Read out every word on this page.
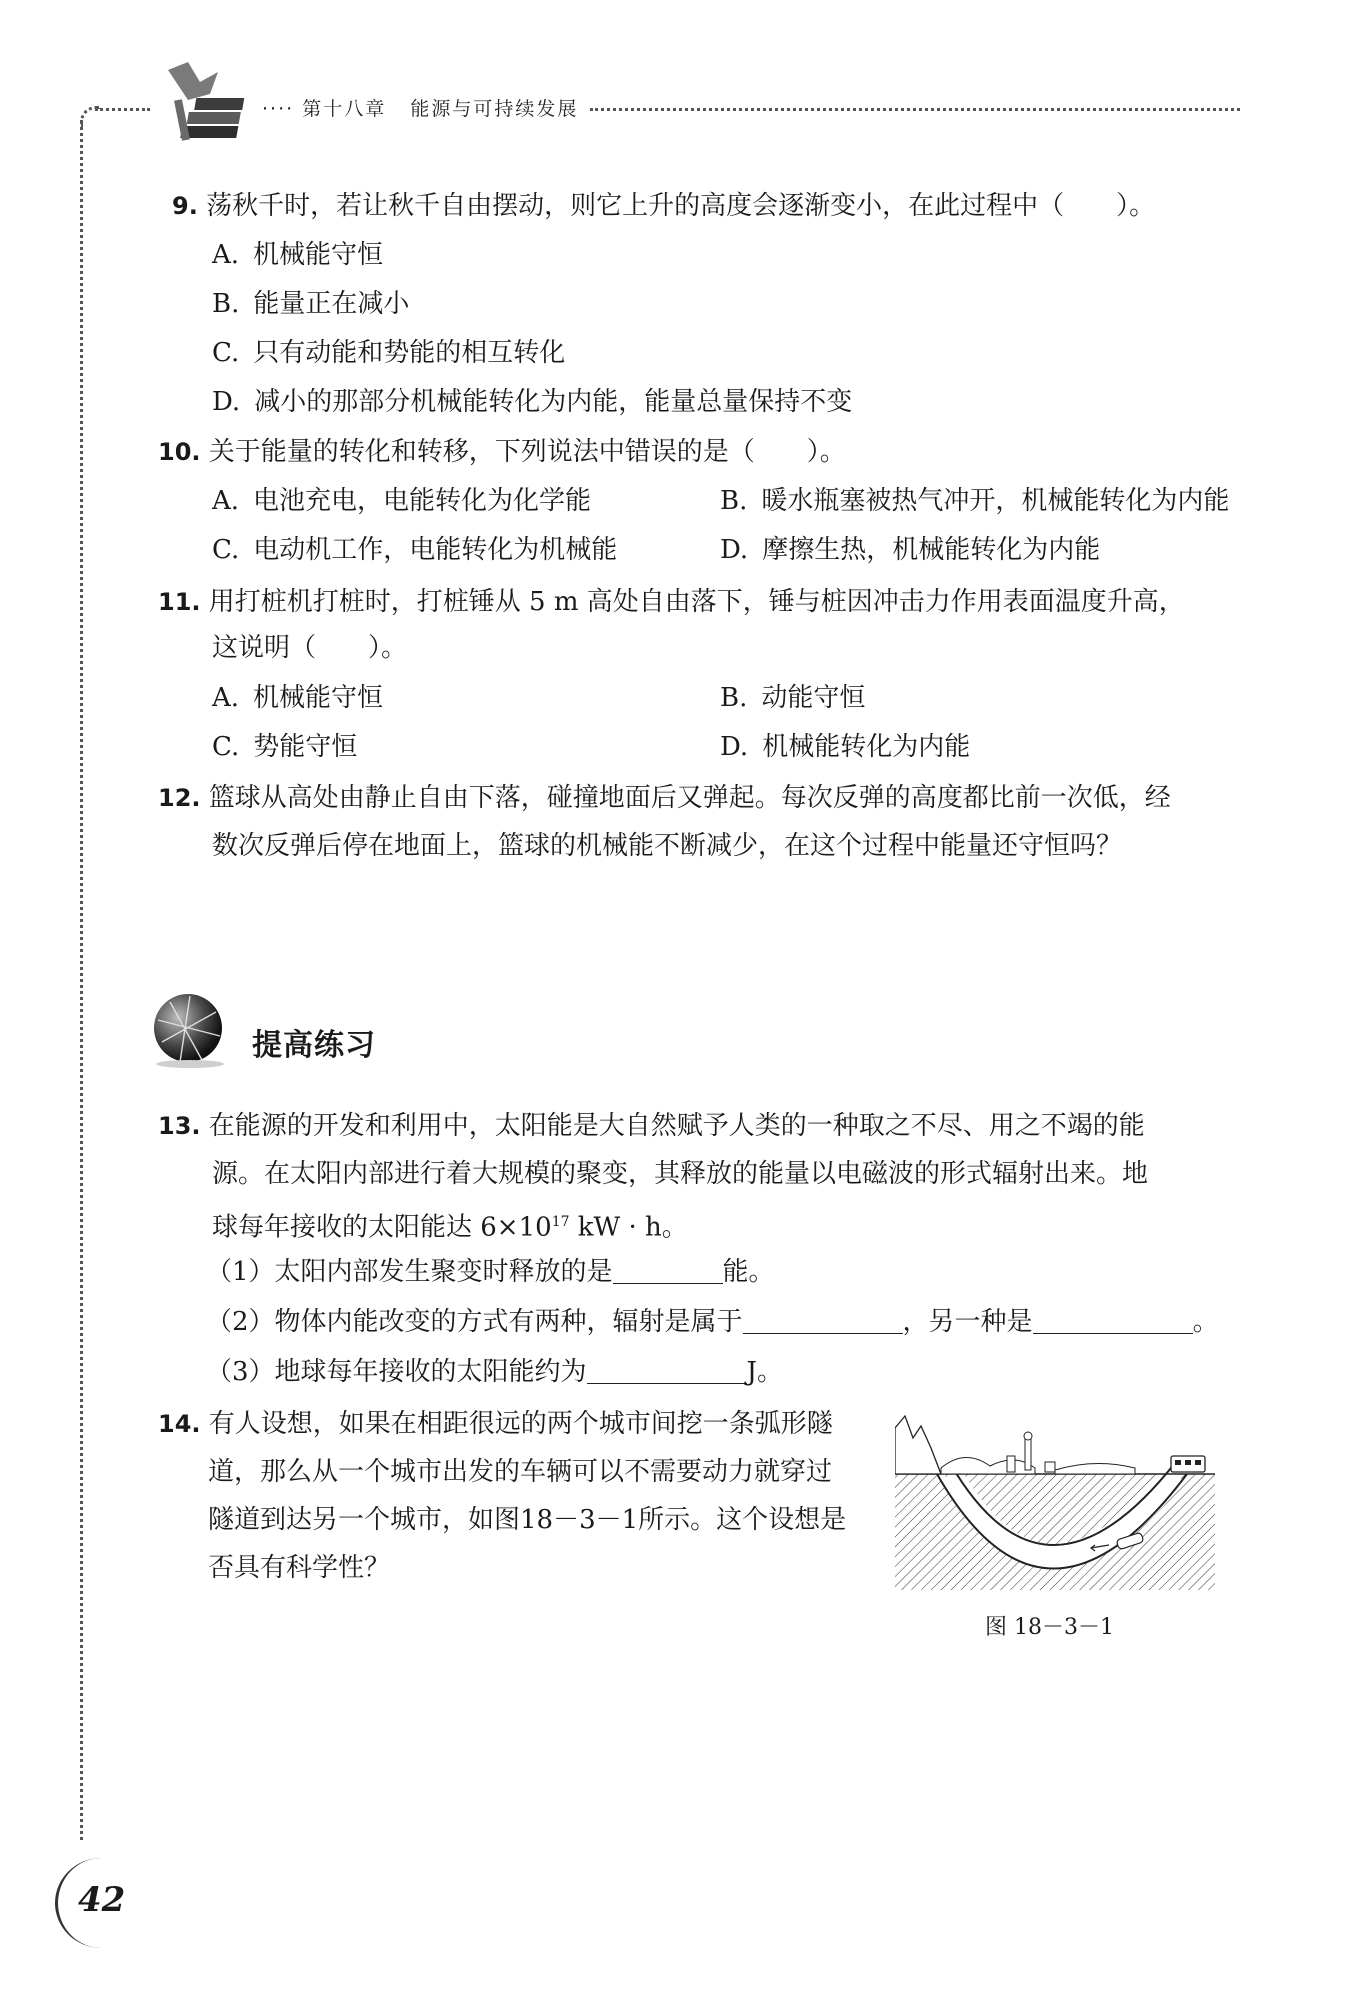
···· 第十八章 能源与可持续发展
9. 荡秋千时，若让秋千自由摆动，则它上升的高度会逐渐变小，在此过程中（　　）。
A. 机械能守恒
B. 能量正在减小
C. 只有动能和势能的相互转化
D. 减小的那部分机械能转化为内能，能量总量保持不变
10. 关于能量的转化和转移，下列说法中错误的是（　　）。
A. 电池充电，电能转化为化学能	B. 暖水瓶塞被热气冲开，机械能转化为内能
C. 电动机工作，电能转化为机械能	D. 摩擦生热，机械能转化为内能
11. 用打桩机打桩时，打桩锤从 5 m 高处自由落下，锤与桩因冲击力作用表面温度升高，
这说明（　　）。
A. 机械能守恒	B. 动能守恒
C. 势能守恒	D. 机械能转化为内能
12. 篮球从高处由静止自由下落，碰撞地面后又弹起。每次反弹的高度都比前一次低，经
数次反弹后停在地面上，篮球的机械能不断减少，在这个过程中能量还守恒吗？
提高练习
13. 在能源的开发和利用中，太阳能是大自然赋予人类的一种取之不尽、用之不竭的能
源。在太阳内部进行着大规模的聚变，其释放的能量以电磁波的形式辐射出来。地
球每年接收的太阳能达 $6\times 10^{17}$ kW · h。
（1）太阳内部发生聚变时释放的是	能。
（2）物体内能改变的方式有两种，辐射是属于	，另一种是	。
（3）地球每年接收的太阳能约为	J。
14. 有人设想，如果在相距很远的两个城市间挖一条弧形隧
道，那么从一个城市出发的车辆可以不需要动力就穿过
隧道到达另一个城市，如图18－3－1所示。这个设想是
否具有科学性？
图 18－3－1
42
